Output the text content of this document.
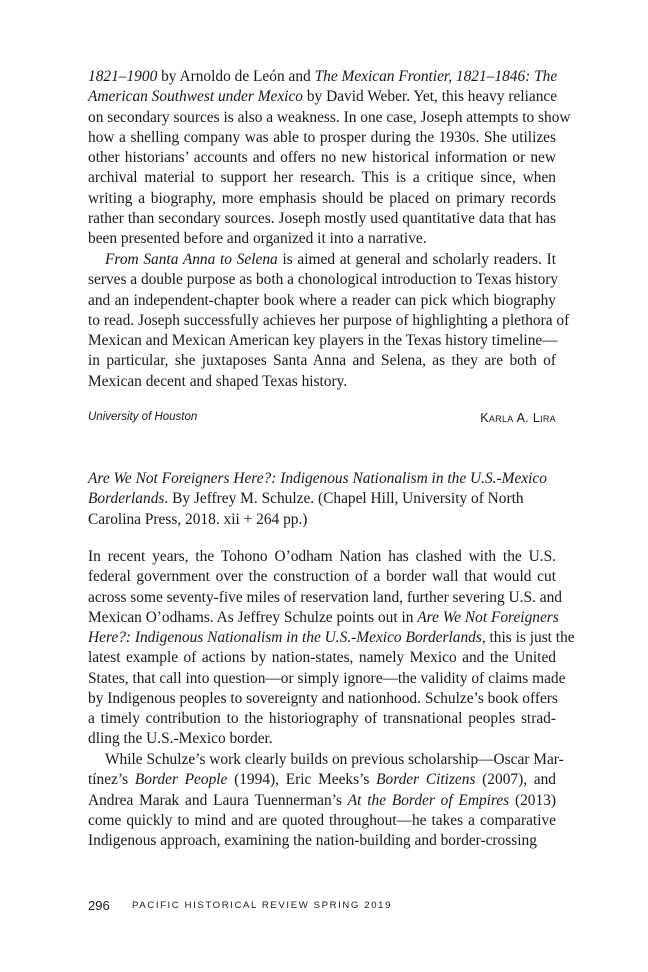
1821–1900 by Arnoldo de León and The Mexican Frontier, 1821–1846: The
American Southwest under Mexico by David Weber. Yet, this heavy reliance
on secondary sources is also a weakness. In one case, Joseph attempts to show
how a shelling company was able to prosper during the 1930s. She utilizes
other historians’ accounts and offers no new historical information or new
archival material to support her research. This is a critique since, when
writing a biography, more emphasis should be placed on primary records
rather than secondary sources. Joseph mostly used quantitative data that has
been presented before and organized it into a narrative.
From Santa Anna to Selena is aimed at general and scholarly readers. It
serves a double purpose as both a chonological introduction to Texas history
and an independent-chapter book where a reader can pick which biography
to read. Joseph successfully achieves her purpose of highlighting a plethora of
Mexican and Mexican American key players in the Texas history timeline—
in particular, she juxtaposes Santa Anna and Selena, as they are both of
Mexican decent and shaped Texas history.
University of Houston	Karla A. Lira
Are We Not Foreigners Here?: Indigenous Nationalism in the U.S.-Mexico
Borderlands. By Jeffrey M. Schulze. (Chapel Hill, University of North
Carolina Press, 2018. xii + 264 pp.)
In recent years, the Tohono O’odham Nation has clashed with the U.S.
federal government over the construction of a border wall that would cut
across some seventy-five miles of reservation land, further severing U.S. and
Mexican O’odhams. As Jeffrey Schulze points out in Are We Not Foreigners
Here?: Indigenous Nationalism in the U.S.-Mexico Borderlands, this is just the
latest example of actions by nation-states, namely Mexico and the United
States, that call into question—or simply ignore—the validity of claims made
by Indigenous peoples to sovereignty and nationhood. Schulze’s book offers
a timely contribution to the historiography of transnational peoples strad-
dling the U.S.-Mexico border.
While Schulze’s work clearly builds on previous scholarship—Oscar Mar-
tínez’s Border People (1994), Eric Meeks’s Border Citizens (2007), and
Andrea Marak and Laura Tuennerman’s At the Border of Empires (2013)
come quickly to mind and are quoted throughout—he takes a comparative
Indigenous approach, examining the nation-building and border-crossing
296 PACIFIC HISTORICAL REVIEW SPRING 2019
